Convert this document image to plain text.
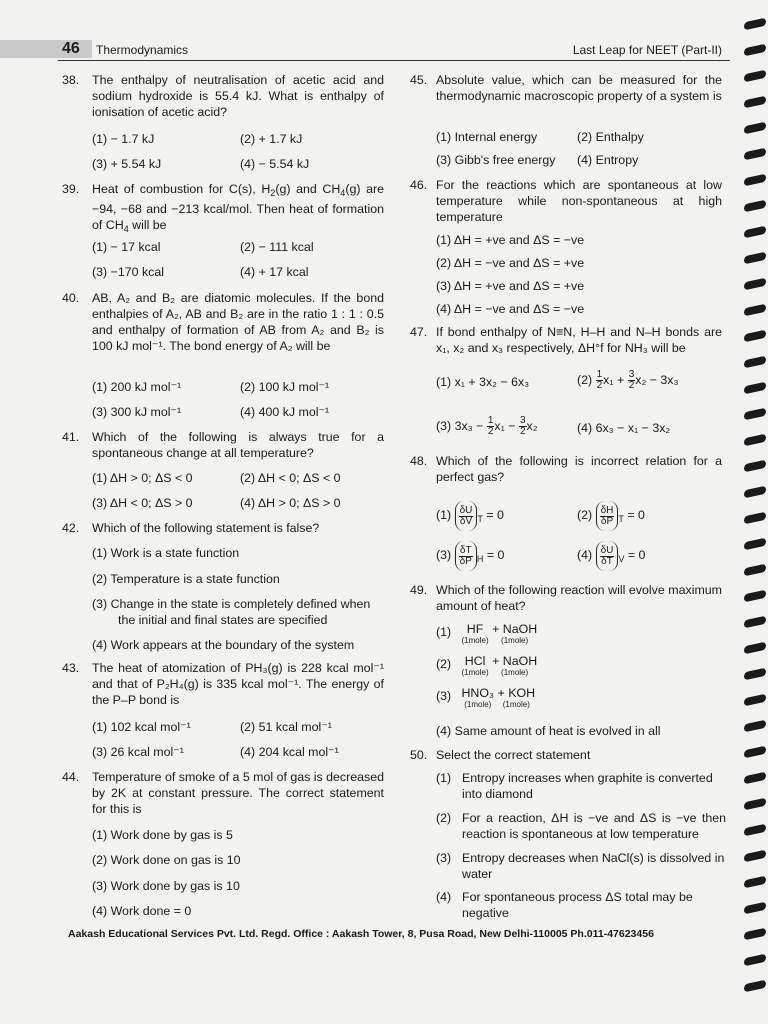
46 Thermodynamics	Last Leap for NEET (Part-II)
38. The enthalpy of neutralisation of acetic acid and sodium hydroxide is 55.4 kJ. What is enthalpy of ionisation of acetic acid?
(1) − 1.7 kJ	(2) + 1.7 kJ
(3) + 5.54 kJ	(4) − 5.54 kJ
39. Heat of combustion for C(s), $H_2(g)$ and $CH_4(g)$ are −94, −68 and −213 kcal/mol. Then heat of formation of $CH_4$ will be
(1) − 17 kcal	(2) − 111 kcal
(3) −170 kcal	(4) + 17 kcal
40. AB, A₂ and B₂ are diatomic molecules. If the bond enthalpies of A₂, AB and B₂ are in the ratio 1 : 1 : 0.5 and enthalpy of formation of AB from A₂ and B₂ is 100 kJ mol⁻¹. The bond energy of A₂ will be
(1) 200 kJ mol⁻¹	(2) 100 kJ mol⁻¹
(3) 300 kJ mol⁻¹	(4) 400 kJ mol⁻¹
41. Which of the following is always true for a spontaneous change at all temperature?
(1) ΔH > 0; ΔS < 0	(2) ΔH < 0; ΔS < 0
(3) ΔH < 0; ΔS > 0	(4) ΔH > 0; ΔS > 0
42. Which of the following statement is false?
(1) Work is a state function
(2) Temperature is a state function
(3) Change in the state is completely defined when the initial and final states are specified
(4) Work appears at the boundary of the system
43. The heat of atomization of PH₃(g) is 228 kcal mol⁻¹ and that of P₂H₄(g) is 335 kcal mol⁻¹. The energy of the P–P bond is
(1) 102 kcal mol⁻¹	(2) 51 kcal mol⁻¹
(3) 26 kcal mol⁻¹	(4) 204 kcal mol⁻¹
44. Temperature of smoke of a 5 mol of gas is decreased by 2K at constant pressure. The correct statement for this is
(1) Work done by gas is 5
(2) Work done on gas is 10
(3) Work done by gas is 10
(4) Work done = 0
45. Absolute value, which can be measured for the thermodynamic macroscopic property of a system is
(1) Internal energy	(2) Enthalpy
(3) Gibb's free energy (4) Entropy
46. For the reactions which are spontaneous at low temperature while non-spontaneous at high temperature
(1) ΔH = +ve and ΔS = −ve
(2) ΔH = −ve and ΔS = +ve
(3) ΔH = +ve and ΔS = +ve
(4) ΔH = −ve and ΔS = −ve
47. If bond enthalpy of N≡N, H–H and N–H bonds are x₁, x₂ and x₃ respectively, ΔH°f for NH₃ will be
(1) x₁ + 3x₂ − 6x₃	$(2) \frac{1}{2} x_1 + \frac{3}{2} x_2 - 3x_3$
(3) $3x_3 - \frac{1}{2} x_1 - \frac{3}{2} x_2$	(4) 6x₃ − x₁ − 3x₂
48. Which of the following is incorrect relation for a perfect gas?
$(1) \frac{\delta U}{\delta V} _T = 0$	$(2) \frac{\delta H}{\delta P} _T = 0$
$(3) \frac{\delta T}{\delta P} _H = 0$	$(4) \frac{\delta U}{\delta T} _V = 0$
49. Which of the following reaction will evolve maximum amount of heat?
(1) HF
(1mole)
+ NaOH
(1mole)
(2) HCl
(1mole)
+ NaOH
(1mole)
(3) HNO₃
(1mole)
+ KOH
(1mole)
(4) Same amount of heat is evolved in all
50. Select the correct statement
(1) Entropy increases when graphite is converted into diamond
(2) For a reaction, ΔH is −ve and ΔS is −ve then reaction is spontaneous at low temperature
(3) Entropy decreases when NaCl(s) is dissolved in water
(4) For spontaneous process ΔS total may be negative
Aakash Educational Services Pvt. Ltd. Regd. Office : Aakash Tower, 8, Pusa Road, New Delhi-110005 Ph.011-47623456
